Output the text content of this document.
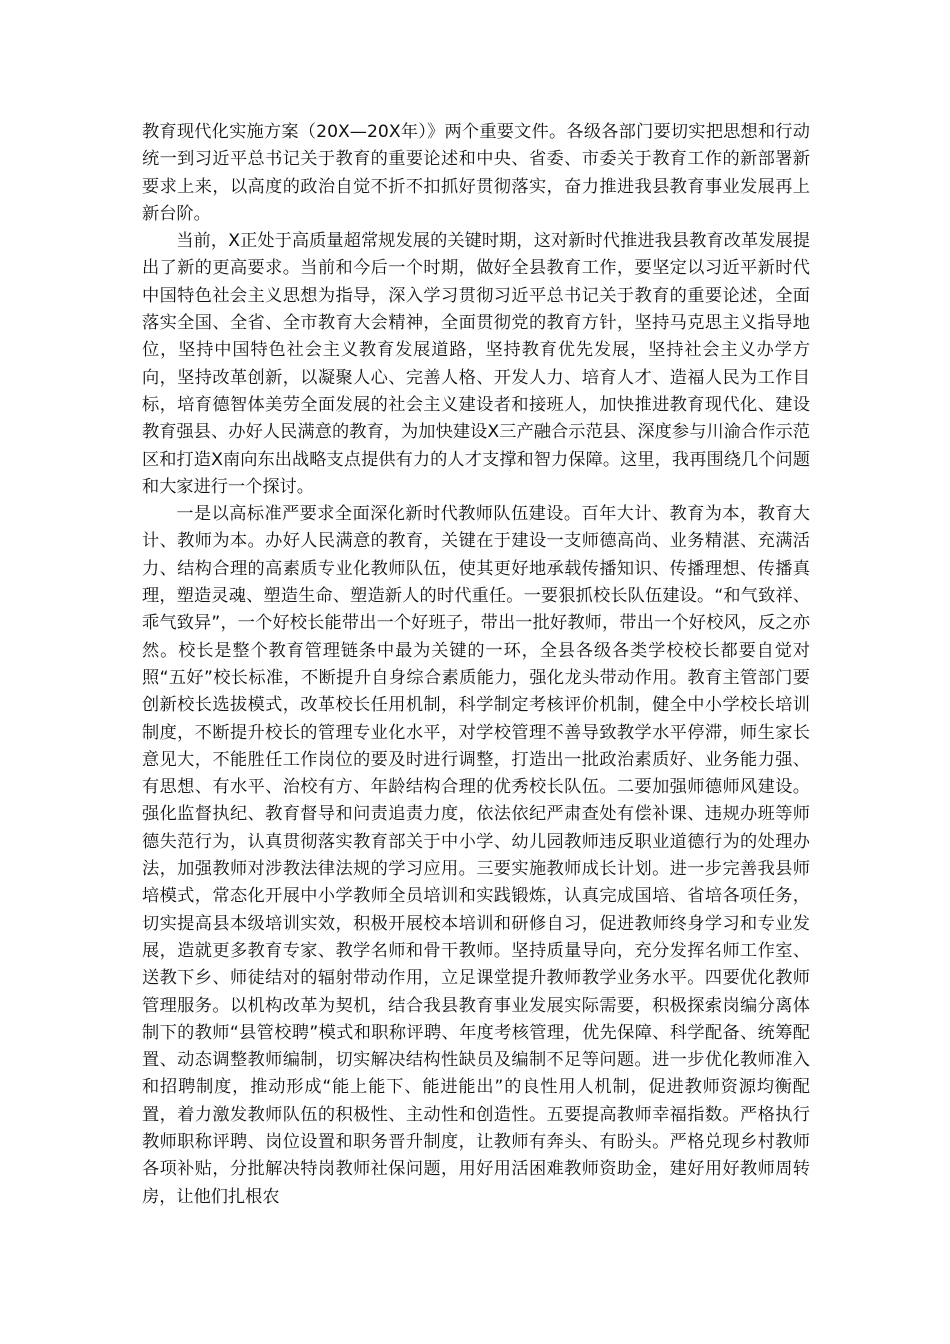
教育现代化实施方案（20X—20X年）》两个重要文件。各级各部门要切实把思想和行动统一到习近平总书记关于教育的重要论述和中央、省委、市委关于教育工作的新部署新要求上来，以高度的政治自觉不折不扣抓好贯彻落实，奋力推进我县教育事业发展再上新台阶。

当前，X正处于高质量超常规发展的关键时期，这对新时代推进我县教育改革发展提出了新的更高要求。当前和今后一个时期，做好全县教育工作，要坚定以习近平新时代中国特色社会主义思想为指导，深入学习贯彻习近平总书记关于教育的重要论述，全面落实全国、全省、全市教育大会精神，全面贯彻党的教育方针，坚持马克思主义指导地位，坚持中国特色社会主义教育发展道路，坚持教育优先发展，坚持社会主义办学方向，坚持改革创新，以凝聚人心、完善人格、开发人力、培育人才、造福人民为工作目标，培育德智体美劳全面发展的社会主义建设者和接班人，加快推进教育现代化、建设教育强县、办好人民满意的教育，为加快建设X三产融合示范县、深度参与川渝合作示范区和打造X南向东出战略支点提供有力的人才支撑和智力保障。这里，我再围绕几个问题和大家进行一个探讨。

一是以高标准严要求全面深化新时代教师队伍建设。百年大计、教育为本，教育大计、教师为本。办好人民满意的教育，关键在于建设一支师德高尚、业务精湛、充满活力、结构合理的高素质专业化教师队伍，使其更好地承载传播知识、传播理想、传播真理，塑造灵魂、塑造生命、塑造新人的时代重任。一要狠抓校长队伍建设。“和气致祥、乖气致异”，一个好校长能带出一个好班子，带出一批好教师，带出一个好校风，反之亦然。校长是整个教育管理链条中最为关键的一环，全县各级各类学校校长都要自觉对照“五好”校长标准，不断提升自身综合素质能力，强化龙头带动作用。教育主管部门要创新校长选拔模式，改革校长任用机制，科学制定考核评价机制，健全中小学校长培训制度，不断提升校长的管理专业化水平，对学校管理不善导致教学水平停滞，师生家长意见大，不能胜任工作岗位的要及时进行调整，打造出一批政治素质好、业务能力强、有思想、有水平、治校有方、年龄结构合理的优秀校长队伍。二要加强师德师风建设。强化监督执纪、教育督导和问责追责力度，依法依纪严肃查处有偿补课、违规办班等师德失范行为，认真贯彻落实教育部关于中小学、幼儿园教师违反职业道德行为的处理办法，加强教师对涉教法律法规的学习应用。三要实施教师成长计划。进一步完善我县师培模式，常态化开展中小学教师全员培训和实践锻炼，认真完成国培、省培各项任务，切实提高县本级培训实效，积极开展校本培训和研修自习，促进教师终身学习和专业发展，造就更多教育专家、教学名师和骨干教师。坚持质量导向，充分发挥名师工作室、送教下乡、师徒结对的辐射带动作用，立足课堂提升教师教学业务水平。四要优化教师管理服务。以机构改革为契机，结合我县教育事业发展实际需要，积极探索岗编分离体制下的教师“县管校聘”模式和职称评聘、年度考核管理，优先保障、科学配备、统筹配置、动态调整教师编制，切实解决结构性缺员及编制不足等问题。进一步优化教师准入和招聘制度，推动形成“能上能下、能进能出”的良性用人机制，促进教师资源均衡配置，着力激发教师队伍的积极性、主动性和创造性。五要提高教师幸福指数。严格执行教师职称评聘、岗位设置和职务晋升制度，让教师有奔头、有盼头。严格兑现乡村教师各项补贴，分批解决特岗教师社保问题，用好用活困难教师资助金，建好用好教师周转房，让他们扎根农
